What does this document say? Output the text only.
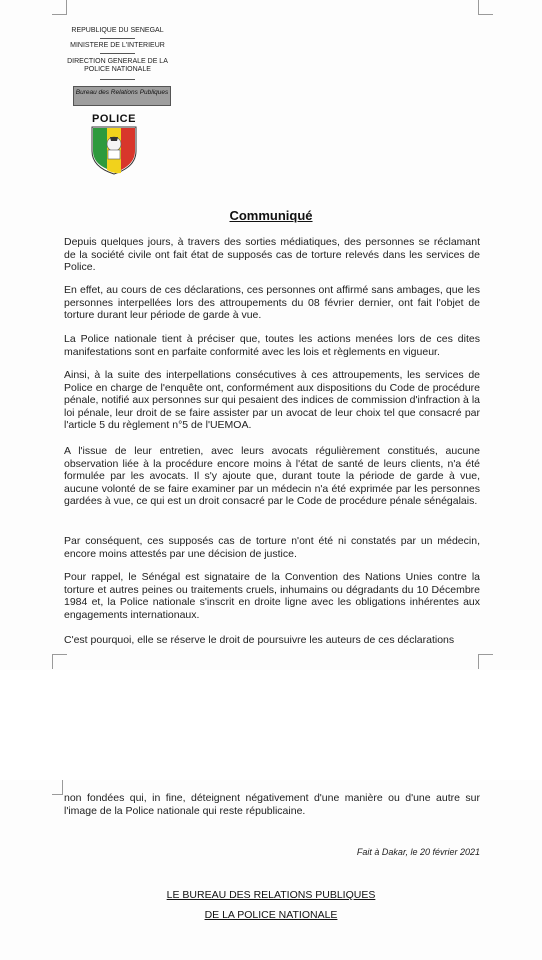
REPUBLIQUE DU SENEGAL
MINISTERE DE L'INTERIEUR
DIRECTION GENERALE DE LA POLICE NATIONALE
Bureau des Relations Publiques
POLICE
Communiqué

Depuis quelques jours, à travers des sorties médiatiques, des personnes se réclamant de la société civile ont fait état de supposés cas de torture relevés dans les services de Police.

En effet, au cours de ces déclarations, ces personnes ont affirmé sans ambages, que les personnes interpellées lors des attroupements du 08 février dernier, ont fait l'objet de torture durant leur période de garde à vue.

La Police nationale tient à préciser que, toutes les actions menées lors de ces dites manifestations sont en parfaite conformité avec les lois et règlements en vigueur.

Ainsi, à la suite des interpellations consécutives à ces attroupements, les services de Police en charge de l'enquête ont, conformément aux dispositions du Code de procédure pénale, notifié aux personnes sur qui pesaient des indices de commission d'infraction à la loi pénale, leur droit de se faire assister par un avocat de leur choix tel que consacré par l'article 5 du règlement n°5 de l'UEMOA.

A l'issue de leur entretien, avec leurs avocats régulièrement constitués, aucune observation liée à la procédure encore moins à l'état de santé de leurs clients, n'a été formulée par les avocats. Il s'y ajoute que, durant toute la période de garde à vue, aucune volonté de se faire examiner par un médecin n'a été exprimée par les personnes gardées à vue, ce qui est un droit consacré par le Code de procédure pénale sénégalais.

Par conséquent, ces supposés cas de torture n'ont été ni constatés par un médecin, encore moins attestés par une décision de justice.

Pour rappel, le Sénégal est signataire de la Convention des Nations Unies contre la torture et autres peines ou traitements cruels, inhumains ou dégradants du 10 Décembre 1984 et, la Police nationale s'inscrit en droite ligne avec les obligations inhérentes aux engagements internationaux.

C'est pourquoi, elle se réserve le droit de poursuivre les auteurs de ces déclarations

non fondées qui, in fine, déteignent négativement d'une manière ou d'une autre sur l'image de la Police nationale qui reste républicaine.

LE BUREAU DES RELATIONS PUBLIQUES
DE LA POLICE NATIONALE
Fait à Dakar, le 20 février 2021
